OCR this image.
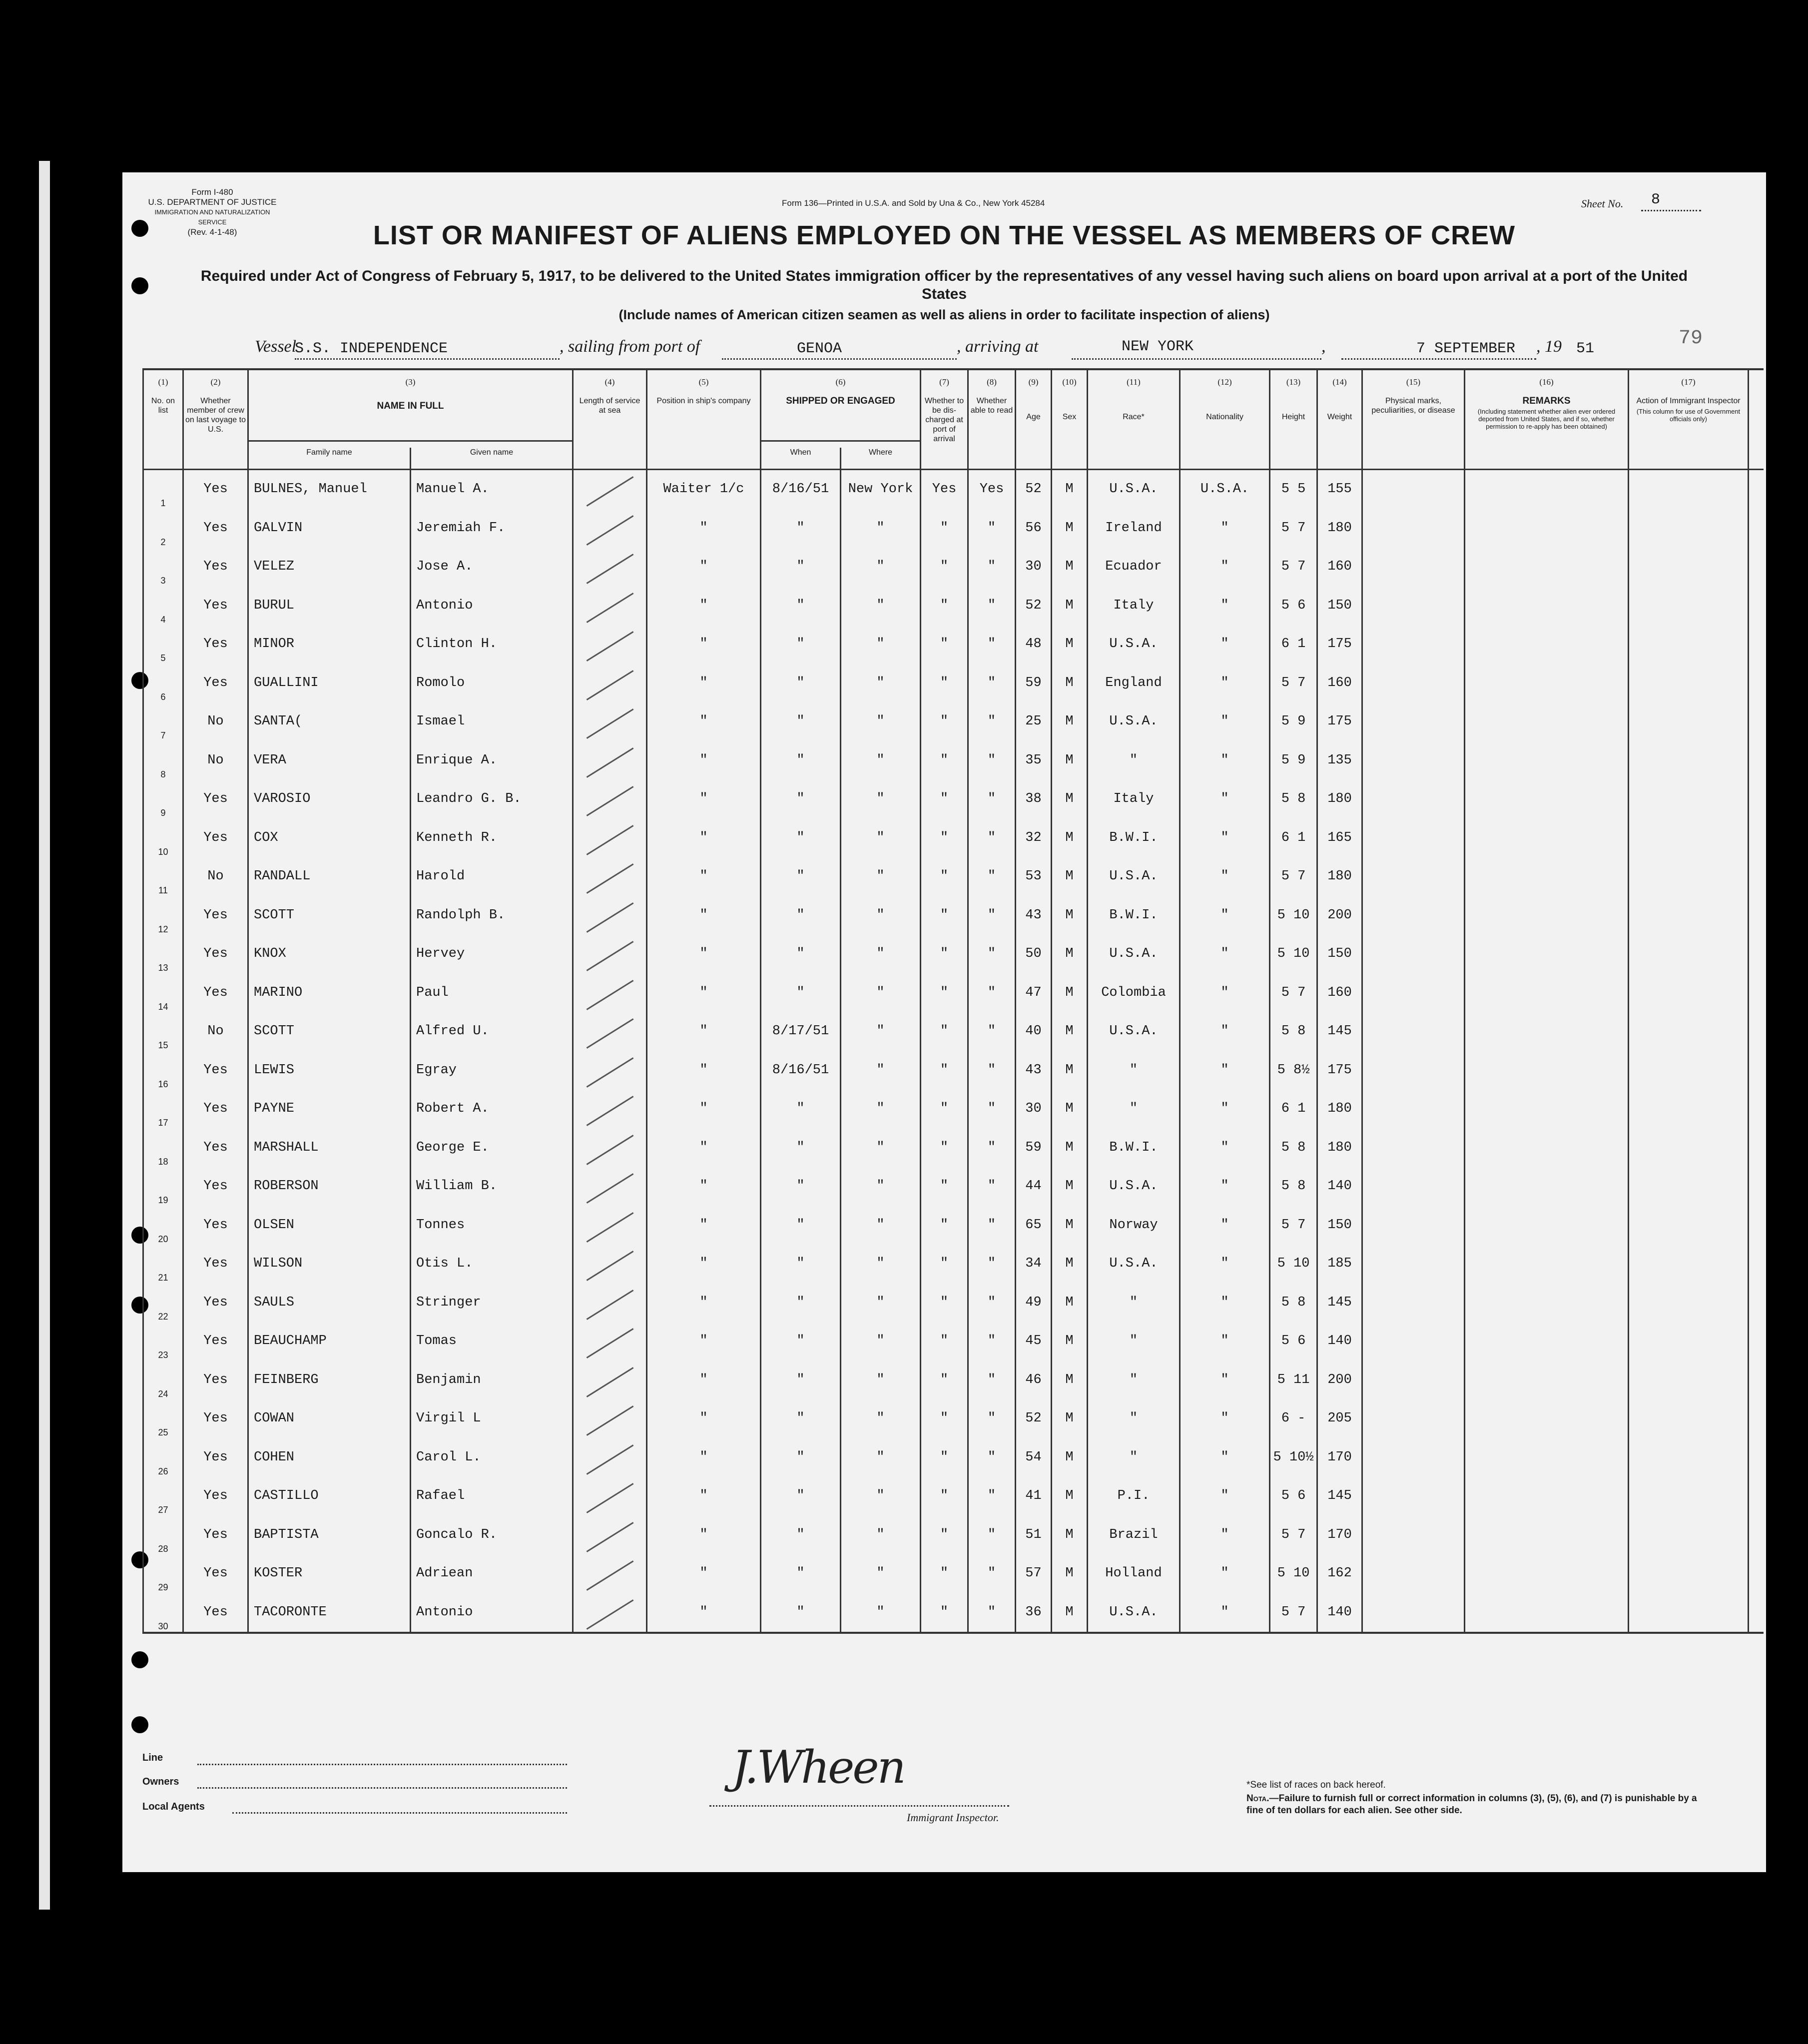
Form I-480
U.S. DEPARTMENT OF JUSTICE
IMMIGRATION AND NATURALIZATION SERVICE
(Rev. 4-1-48)
Form 136—Printed in U.S.A. and Sold by Una & Co., New York 45284	Sheet No. 8
79
LIST OR MANIFEST OF ALIENS EMPLOYED ON THE VESSEL AS MEMBERS OF CREW
Required under Act of Congress of February 5, 1917, to be delivered to the United States immigration officer by the representatives of any vessel having such aliens on board upon arrival at a port of the United States
(Include names of American citizen seamen as well as aliens in order to facilitate inspection of aliens)
Vessel
S.S. INDEPENDENCE	, sailing from port of	GENOA	, arriving at	NEW YORK	,	7 SEPTEMBER , 19 51
(1)
No. on list	(2)
Whether member of crew on last voyage to U.S.	(3)
NAME IN FULL
Family name Given name		(4)
Length of service at sea	(5)
Position in ship's company	(6)
SHIPPED OR ENGAGED
When Where		(7)
Whether to be dis-charged at port of arrival	(8)
Whether able to read	(9)
Age	(10)
Sex	(11)
Race*	(12)
Nationality	(13)
Height	(14)
Weight	(15)
Physical marks, peculiarities, or disease	(16)
REMARKS
(Including statement whether alien ever ordered deported from United States, and if so, whether permission to re-apply has been obtained)	(17)
Action of Immigrant Inspector
(This column for use of Government officials only)	

1	Yes	BULNES, Manuel	Manuel A.		Waiter 1/c	8/16/51	New York	Yes	Yes	52	M	U.S.A.	U.S.A.	5 5	155				
2	Yes	GALVIN	Jeremiah F.		"	"	"	"	"	56	M	Ireland	"	5 7	180				
3	Yes	VELEZ	Jose A.		"	"	"	"	"	30	M	Ecuador	"	5 7	160				
4	Yes	BURUL	Antonio		"	"	"	"	"	52	M	Italy	"	5 6	150				
5	Yes	MINOR	Clinton H.		"	"	"	"	"	48	M	U.S.A.	"	6 1	175				
6	Yes	GUALLINI	Romolo		"	"	"	"	"	59	M	England	"	5 7	160				
7	No	SANTA(	Ismael		"	"	"	"	"	25	M	U.S.A.	"	5 9	175				
8	No	VERA	Enrique A.		"	"	"	"	"	35	M	"	"	5 9	135				
9	Yes	VAROSIO	Leandro G. B.		"	"	"	"	"	38	M	Italy	"	5 8	180				
10	Yes	COX	Kenneth R.		"	"	"	"	"	32	M	B.W.I.	"	6 1	165				
11	No	RANDALL	Harold		"	"	"	"	"	53	M	U.S.A.	"	5 7	180				
12	Yes	SCOTT	Randolph B.		"	"	"	"	"	43	M	B.W.I.	"	5 10	200				
13	Yes	KNOX	Hervey		"	"	"	"	"	50	M	U.S.A.	"	5 10	150				
14	Yes	MARINO	Paul		"	"	"	"	"	47	M	Colombia	"	5 7	160				
15	No	SCOTT	Alfred U.		"	8/17/51	"	"	"	40	M	U.S.A.	"	5 8	145				
16	Yes	LEWIS	Egray		"	8/16/51	"	"	"	43	M	"	"	5 8½	175				
17	Yes	PAYNE	Robert A.		"	"	"	"	"	30	M	"	"	6 1	180				
18	Yes	MARSHALL	George E.		"	"	"	"	"	59	M	B.W.I.	"	5 8	180				
19	Yes	ROBERSON	William B.		"	"	"	"	"	44	M	U.S.A.	"	5 8	140				
20	Yes	OLSEN	Tonnes		"	"	"	"	"	65	M	Norway	"	5 7	150				
21	Yes	WILSON	Otis L.		"	"	"	"	"	34	M	U.S.A.	"	5 10	185				
22	Yes	SAULS	Stringer		"	"	"	"	"	49	M	"	"	5 8	145				
23	Yes	BEAUCHAMP	Tomas		"	"	"	"	"	45	M	"	"	5 6	140				
24	Yes	FEINBERG	Benjamin		"	"	"	"	"	46	M	"	"	5 11	200				
25	Yes	COWAN	Virgil L		"	"	"	"	"	52	M	"	"	6 -	205				
26	Yes	COHEN	Carol L.		"	"	"	"	"	54	M	"	"	5 10½	170				
27	Yes	CASTILLO	Rafael		"	"	"	"	"	41	M	P.I.	"	5 6	145				
28	Yes	BAPTISTA	Goncalo R.		"	"	"	"	"	51	M	Brazil	"	5 7	170				
29	Yes	KOSTER	Adriean		"	"	"	"	"	57	M	Holland	"	5 10	162				
30	Yes	TACORONTE	Antonio		"	"	"	"	"	36	M	U.S.A.	"	5 7	140				
Line
Owners
Local Agents
J.Wheen
Immigrant Inspector.
*See list of races on back hereof.
Nota.—Failure to furnish full or correct information in columns (3), (5), (6), and (7) is punishable by a fine of ten dollars for each alien. See other side.
